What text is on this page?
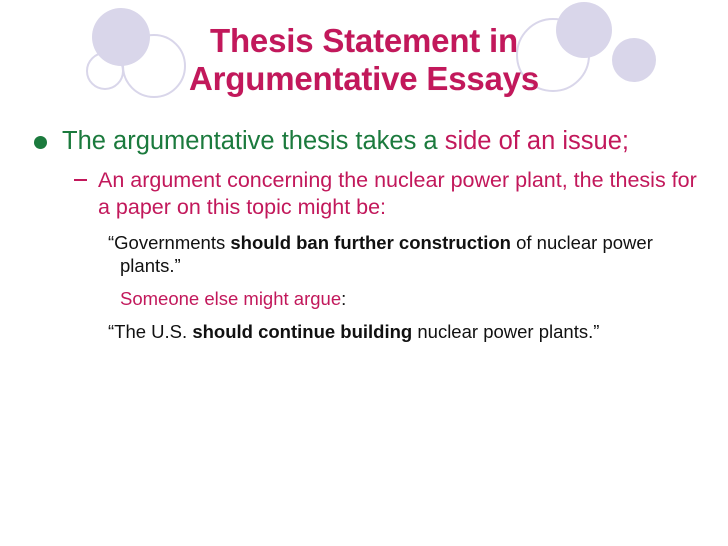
Thesis Statement in
Argumentative Essays
The argumentative thesis takes a side of an issue;
An argument concerning the nuclear power plant, the thesis for a paper on this topic might be:
“Governments should ban further construction of nuclear power plants.”
Someone else might argue:
“The U.S. should continue building nuclear power plants.”
